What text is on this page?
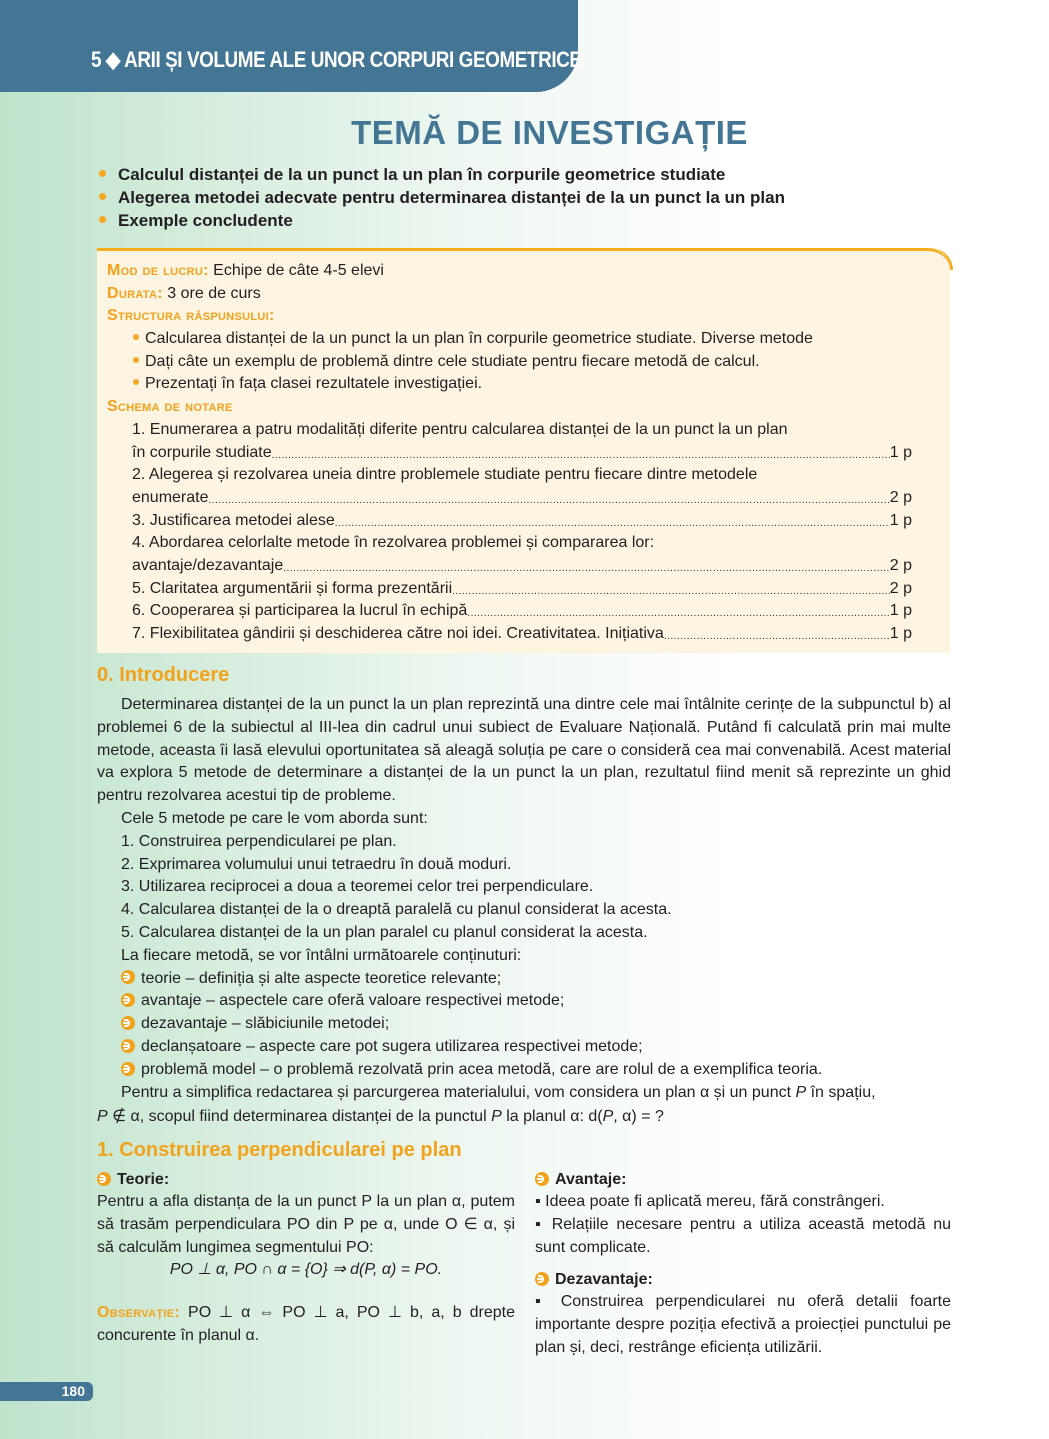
5 ◆ ARII ȘI VOLUME ALE UNOR CORPURI GEOMETRICE
TEMĂ DE INVESTIGAȚIE
Calculul distanței de la un punct la un plan în corpurile geometrice studiate
Alegerea metodei adecvate pentru determinarea distanței de la un punct la un plan
Exemple concludente
Mod de lucru: Echipe de câte 4-5 elevi
Durata: 3 ore de curs
Structura răspunsului:
Calcularea distanței de la un punct la un plan în corpurile geometrice studiate. Diverse metode
Dați câte un exemplu de problemă dintre cele studiate pentru fiecare metodă de calcul.
Prezentați în fața clasei rezultatele investigației.
Schema de notare
1. Enumerarea a patru modalități diferite pentru calcularea distanței de la un punct la un plan
în corpurile studiate .....	1 p
2. Alegerea și rezolvarea uneia dintre problemele studiate pentru fiecare dintre metodele
enumerate .....	2 p
3. Justificarea metodei alese .....	1 p
4. Abordarea celorlalte metode în rezolvarea problemei și compararea lor:
avantaje/dezavantaje .....	2 p
5. Claritatea argumentării și forma prezentării .....	2 p
6. Cooperarea și participarea la lucrul în echipă .....	1 p
7. Flexibilitatea gândirii și deschiderea către noi idei. Creativitatea. Inițiativa .....	1 p
0. Introducere

Determinarea distanței de la un punct la un plan reprezintă una dintre cele mai întâlnite cerințe de la subpunctul b) al problemei 6 de la subiectul al III-lea din cadrul unui subiect de Evaluare Națională. Putând fi calculată prin mai multe metode, aceasta îi lasă elevului oportunitatea să aleagă soluția pe care o consideră cea mai convenabilă. Acest material va explora 5 metode de determinare a distanței de la un punct la un plan, rezultatul fiind menit să reprezinte un ghid pentru rezolvarea acestui tip de probleme.

Cele 5 metode pe care le vom aborda sunt:
1. Construirea perpendicularei pe plan.
2. Exprimarea volumului unui tetraedru în două moduri.
3. Utilizarea reciprocei a doua a teoremei celor trei perpendiculare.
4. Calcularea distanței de la o dreaptă paralelă cu planul considerat la acesta.
5. Calcularea distanței de la un plan paralel cu planul considerat la acesta.
La fiecare metodă, se vor întâlni următoarele conținuturi:
teorie – definiția și alte aspecte teoretice relevante;
avantaje – aspectele care oferă valoare respectivei metode;
dezavantaje – slăbiciunile metodei;
declanșatoare – aspecte care pot sugera utilizarea respectivei metode;
problemă model – o problemă rezolvată prin acea metodă, care are rolul de a exemplifica teoria.
Pentru a simplifica redactarea și parcurgerea materialului, vom considera un plan α și un punct P în spațiu,
P ∉ α, scopul fiind determinarea distanței de la punctul P la planul α: d(P, α) = ?
1. Construirea perpendicularei pe plan
Teorie:
Pentru a afla distanța de la un punct P la un plan α, putem să trasăm perpendiculara PO din P pe α, unde O ∈ α, și să calculăm lungimea segmentului PO:
PO ⊥ α, PO ∩ α = {O} ⇒ d(P, α) = PO.
Observație: PO ⊥ α ⇔ PO ⊥ a, PO ⊥ b, a, b drepte concurente în planul α.
Avantaje:
▪ Ideea poate fi aplicată mereu, fără constrângeri.
▪ Relațiile necesare pentru a utiliza această metodă nu sunt complicate.
Dezavantaje:
▪ Construirea perpendicularei nu oferă detalii foarte importante despre poziția efectivă a proiecției punctului pe plan și, deci, restrânge eficiența utilizării.
180
